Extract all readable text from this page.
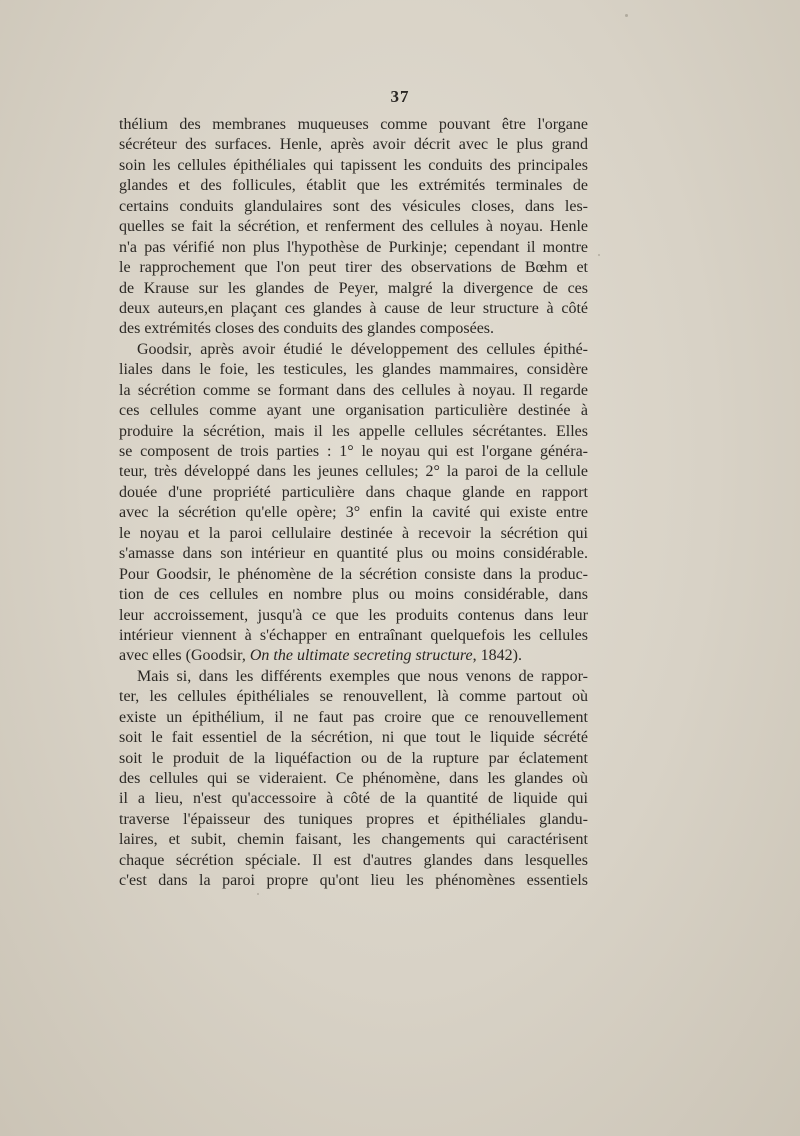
37
thélium des membranes muqueuses comme pouvant être l'organe
sécréteur des surfaces. Henle, après avoir décrit avec le plus grand
soin les cellules épithéliales qui tapissent les conduits des principales
glandes et des follicules, établit que les extrémités terminales de
certains conduits glandulaires sont des vésicules closes, dans les-
quelles se fait la sécrétion, et renferment des cellules à noyau. Henle
n'a pas vérifié non plus l'hypothèse de Purkinje; cependant il montre
le rapprochement que l'on peut tirer des observations de Bœhm et
de Krause sur les glandes de Peyer, malgré la divergence de ces
deux auteurs,en plaçant ces glandes à cause de leur structure à côté
des extrémités closes des conduits des glandes composées.
Goodsir, après avoir étudié le développement des cellules épithé-
liales dans le foie, les testicules, les glandes mammaires, considère
la sécrétion comme se formant dans des cellules à noyau. Il regarde
ces cellules comme ayant une organisation particulière destinée à
produire la sécrétion, mais il les appelle cellules sécrétantes. Elles
se composent de trois parties : 1° le noyau qui est l'organe généra-
teur, très développé dans les jeunes cellules; 2° la paroi de la cellule
douée d'une propriété particulière dans chaque glande en rapport
avec la sécrétion qu'elle opère; 3° enfin la cavité qui existe entre
le noyau et la paroi cellulaire destinée à recevoir la sécrétion qui
s'amasse dans son intérieur en quantité plus ou moins considérable.
Pour Goodsir, le phénomène de la sécrétion consiste dans la produc-
tion de ces cellules en nombre plus ou moins considérable, dans
leur accroissement, jusqu'à ce que les produits contenus dans leur
intérieur viennent à s'échapper en entraînant quelquefois les cellules
avec elles (Goodsir, On the ultimate secreting structure, 1842).
Mais si, dans les différents exemples que nous venons de rappor-
ter, les cellules épithéliales se renouvellent, là comme partout où
existe un épithélium, il ne faut pas croire que ce renouvellement
soit le fait essentiel de la sécrétion, ni que tout le liquide sécrété
soit le produit de la liquéfaction ou de la rupture par éclatement
des cellules qui se videraient. Ce phénomène, dans les glandes où
il a lieu, n'est qu'accessoire à côté de la quantité de liquide qui
traverse l'épaisseur des tuniques propres et épithéliales glandu-
laires, et subit, chemin faisant, les changements qui caractérisent
chaque sécrétion spéciale. Il est d'autres glandes dans lesquelles
c'est dans la paroi propre qu'ont lieu les phénomènes essentiels
